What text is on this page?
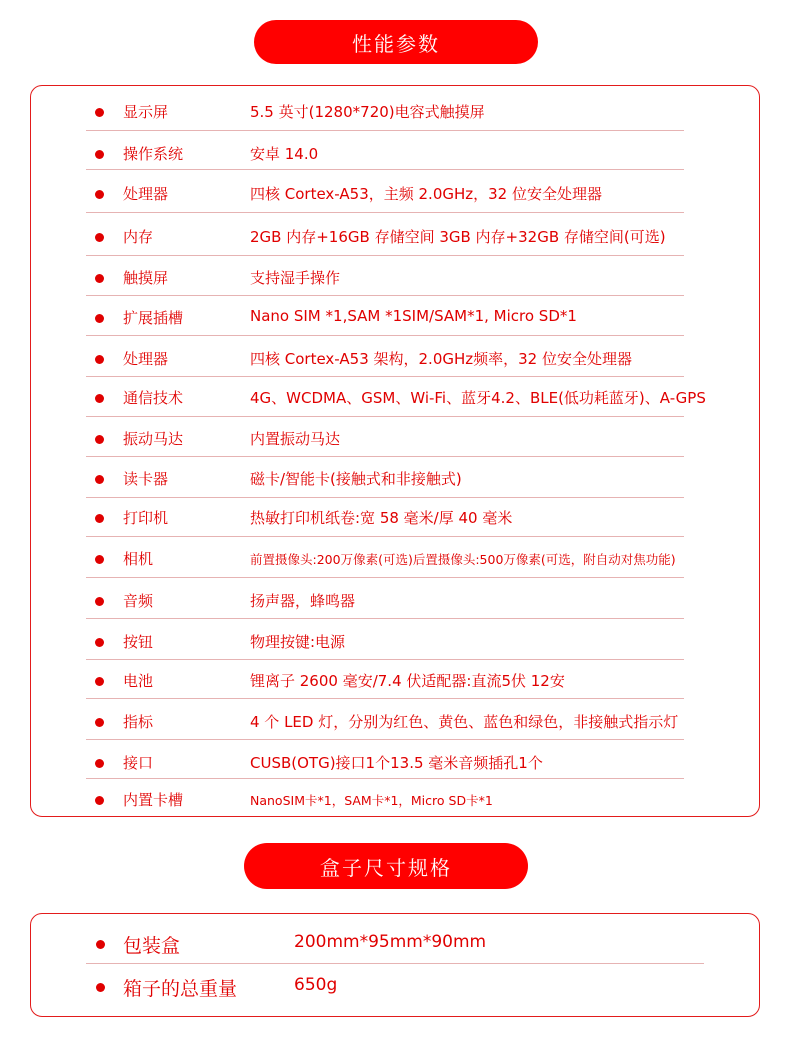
性能参数
显示屏	5.5 英寸(1280*720)电容式触摸屏
操作系统	安卓 14.0
处理器	四核 Cortex-A53，主频 2.0GHz，32 位安全处理器
内存	2GB 内存+16GB 存储空间 3GB 内存+32GB 存储空间(可选)
触摸屏	支持湿手操作
扩展插槽	Nano SIM *1,SAM *1SIM/SAM*1, Micro SD*1
处理器	四核 Cortex-A53 架构，2.0GHz频率，32 位安全处理器
通信技术	4G、WCDMA、GSM、Wi-Fi、蓝牙4.2、BLE(低功耗蓝牙)、A-GPS
振动马达	内置振动马达
读卡器	磁卡/智能卡(接触式和非接触式)
打印机	热敏打印机纸卷:宽 58 毫米/厚 40 毫米
相机	前置摄像头:200万像素(可选)后置摄像头:500万像素(可选，附自动对焦功能)
音频	扬声器，蜂鸣器
按钮	物理按键:电源
电池	锂离子 2600 毫安/7.4 伏适配器:直流5伏 12安
指标	4 个 LED 灯，分别为红色、黄色、蓝色和绿色，非接触式指示灯
接口	CUSB(OTG)接口1个13.5 毫米音频插孔1个
内置卡槽	NanoSIM卡*1，SAM卡*1，Micro SD卡*1
盒子尺寸规格
包装盒	200mm*95mm*90mm
箱子的总重量	650g
